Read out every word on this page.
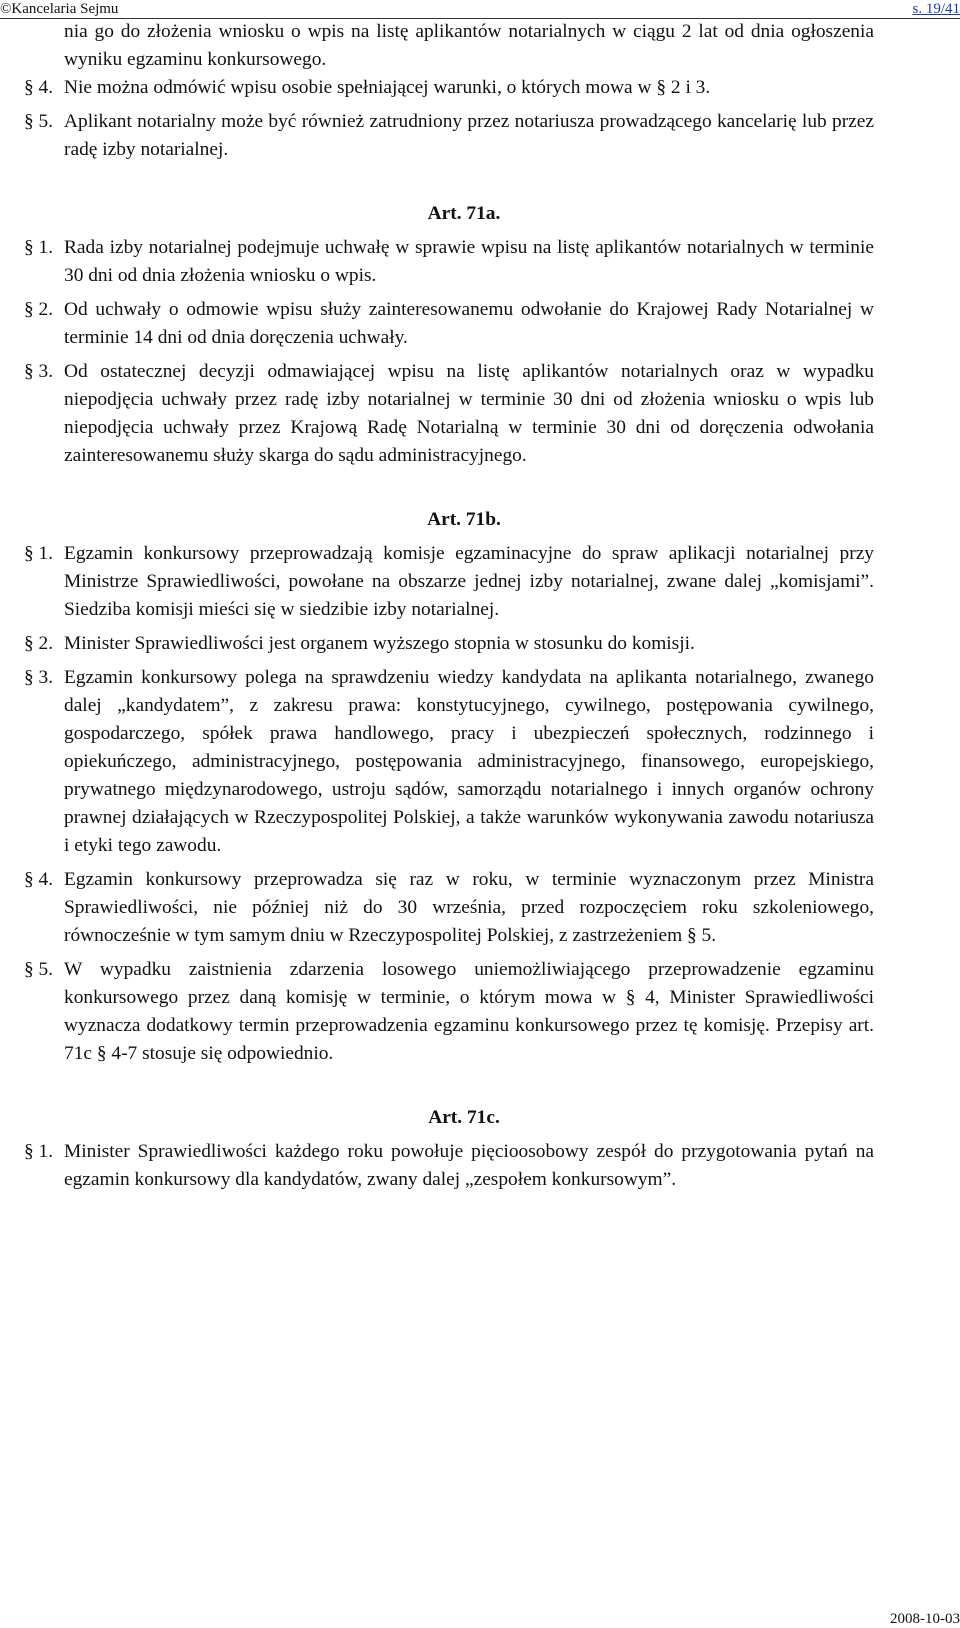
©Kancelaria Sejmu	s. 19/41

nia go do złożenia wniosku o wpis na listę aplikantów notarialnych w ciągu 2 lat od dnia ogłoszenia wyniku egzaminu konkursowego.

§ 4. Nie można odmówić wpisu osobie spełniającej warunki, o których mowa w § 2 i 3.

§ 5. Aplikant notarialny może być również zatrudniony przez notariusza prowadzącego kancelarię lub przez radę izby notarialnej.

Art. 71a.

§ 1. Rada izby notarialnej podejmuje uchwałę w sprawie wpisu na listę aplikantów notarialnych w terminie 30 dni od dnia złożenia wniosku o wpis.

§ 2. Od uchwały o odmowie wpisu służy zainteresowanemu odwołanie do Krajowej Rady Notarialnej w terminie 14 dni od dnia doręczenia uchwały.

§ 3. Od ostatecznej decyzji odmawiającej wpisu na listę aplikantów notarialnych oraz w wypadku niepodjęcia uchwały przez radę izby notarialnej w terminie 30 dni od złożenia wniosku o wpis lub niepodjęcia uchwały przez Krajową Radę Notarialną w terminie 30 dni od doręczenia odwołania zainteresowanemu służy skarga do sądu administracyjnego.

Art. 71b.

§ 1. Egzamin konkursowy przeprowadzają komisje egzaminacyjne do spraw aplikacji notarialnej przy Ministrze Sprawiedliwości, powołane na obszarze jednej izby notarialnej, zwane dalej „komisjami”. Siedziba komisji mieści się w siedzibie izby notarialnej.

§ 2. Minister Sprawiedliwości jest organem wyższego stopnia w stosunku do komisji.

§ 3. Egzamin konkursowy polega na sprawdzeniu wiedzy kandydata na aplikanta notarialnego, zwanego dalej „kandydatem”, z zakresu prawa: konstytucyjnego, cywilnego, postępowania cywilnego, gospodarczego, spółek prawa handlowego, pracy i ubezpieczeń społecznych, rodzinnego i opiekuńczego, administracyjnego, postępowania administracyjnego, finansowego, europejskiego, prywatnego międzynarodowego, ustroju sądów, samorządu notarialnego i innych organów ochrony prawnej działających w Rzeczypospolitej Polskiej, a także warunków wykonywania zawodu notariusza i etyki tego zawodu.

§ 4. Egzamin konkursowy przeprowadza się raz w roku, w terminie wyznaczonym przez Ministra Sprawiedliwości, nie później niż do 30 września, przed rozpoczęciem roku szkoleniowego, równocześnie w tym samym dniu w Rzeczypospolitej Polskiej, z zastrzeżeniem § 5.

§ 5. W wypadku zaistnienia zdarzenia losowego uniemożliwiającego przeprowadzenie egzaminu konkursowego przez daną komisję w terminie, o którym mowa w § 4, Minister Sprawiedliwości wyznacza dodatkowy termin przeprowadzenia egzaminu konkursowego przez tę komisję. Przepisy art. 71c § 4-7 stosuje się odpowiednio.

Art. 71c.

§ 1. Minister Sprawiedliwości każdego roku powołuje pięcioosobowy zespół do przygotowania pytań na egzamin konkursowy dla kandydatów, zwany dalej „zespołem konkursowym”.

2008-10-03
